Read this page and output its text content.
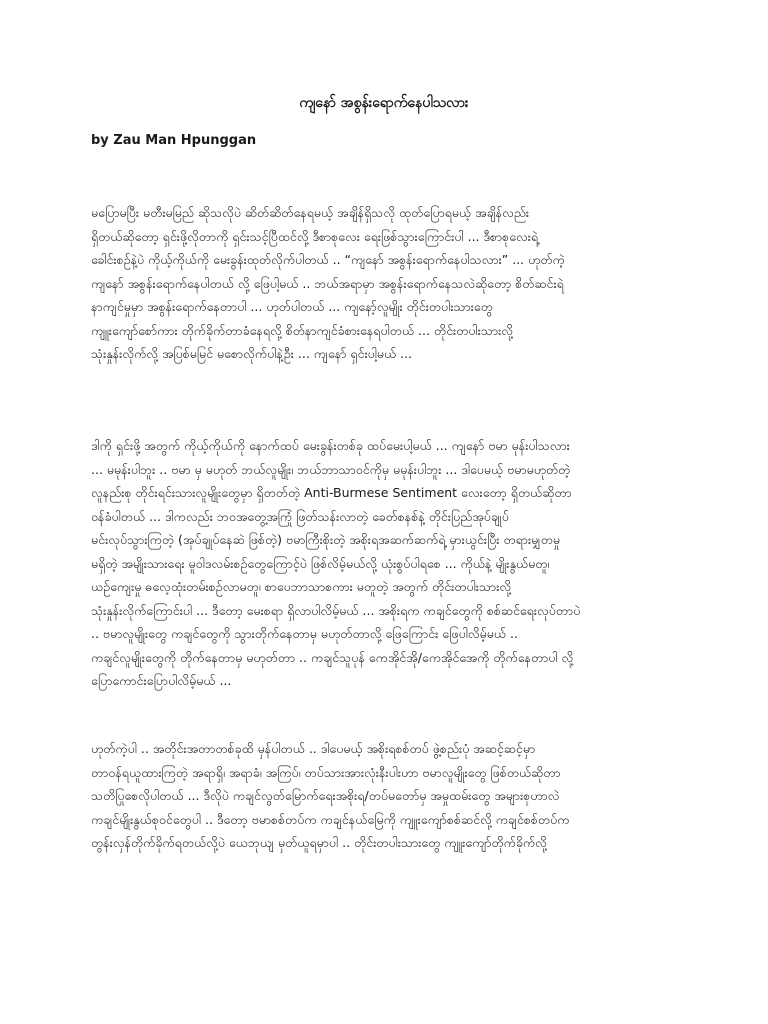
ကျနော် အစွန်းရောက်နေပါသလား
by Zau Man Hpunggan
မပြောမပြီး မတီးမမြည် ဆိုသလိုပဲ ဆိတ်ဆိတ်နေရမယ့် အချိန်ရှိသလို ထုတ်ပြောရမယ့် အချိန်လည်း
ရှိတယ်ဆိုတော့ ရှင်းဖို့လိုတာကို ရှင်းသင့်ပြီထင်လို့ ဒီစာစုလေး ရေးဖြစ်သွားကြောင်းပါ ... ဒီစာစုလေးရဲ့
ခေါင်းစဉ်နဲ့ပဲ ကိုယ့်ကိုယ်ကို မေးခွန်းထုတ်လိုက်ပါတယ် .. “ကျနော် အစွန်းရောက်နေပါသလား” ... ဟုတ်ကဲ့
ကျနော် အစွန်းရောက်နေပါတယ် လို့ ဖြေပါ့မယ် .. ဘယ်အရာမှာ အစွန်းရောက်နေသလဲဆိုတော့ စိတ်ဆင်းရဲ
နာကျင်မှုမှာ အစွန်းရောက်နေတာပါ ... ဟုတ်ပါတယ် ... ကျနော့်လူမျိုး တိုင်းတပါးသားတွေ
ကျူးကျော်စော်ကား တိုက်ခိုက်တာခံနေရလို့ စိတ်နာကျင်ခံစားနေရပါတယ် ... တိုင်းတပါးသားလို့
သုံးနှုန်းလိုက်လို့ အပြစ်မမြင် မစောလိုက်ပါနဲ့ဦး ... ကျနော် ရှင်းပါ့မယ် ...
ဒါကို ရှင်းဖို့ အတွက် ကိုယ့်ကိုယ်ကို နောက်ထပ် မေးခွန်းတစ်ခု ထပ်မေးပါ့မယ် ... ကျနော် ဗမာ မုန်းပါသလား
... မမုန်းပါဘူး .. ဗမာ မှ မဟုတ် ဘယ်လူမျိုး၊ ဘယ်ဘာသာဝင်ကိုမှ မမုန်းပါဘူး ... ဒါပေမယ့် ဗမာမဟုတ်တဲ့
လူနည်းစု တိုင်းရင်းသားလူမျိုးတွေမှာ ရှိတတ်တဲ့ Anti-Burmese Sentiment လေးတော့ ရှိတယ်ဆိုတာ
ဝန်ခံပါတယ် ... ဒါကလည်း ဘဝအတွေ့အကြုံ ဖြတ်သန်းလာတဲ့ ခေတ်စနစ်နဲ့ တိုင်းပြည်အုပ်ချုပ်
မင်းလုပ်သွားကြတဲ့ (အုပ်ချုပ်နေဆဲ ဖြစ်တဲ့) ဗမာကြီးစိုးတဲ့ အစိုးရအဆက်ဆက်ရဲ့ မှားယွင်းပြီး တရားမျှတမှု
မရှိတဲ့ အမျိုးသားရေး မူဝါဒလမ်းစဉ်တွေကြောင့်ပဲ ဖြစ်လိမ့်မယ်လို့ ယုံးစွပ်ပါရစေ ... ကိုယ်နဲ့ မျိုးနွယ်မတူ၊
ယဉ်ကျေးမှု ဓလေ့ထုံးတမ်းစဉ်လာမတူ၊ စာပေဘာသာစကား မတူတဲ့ အတွက် တိုင်းတပါးသားလို့
သုံးနှုန်းလိုက်ကြောင်းပါ ... ဒီတော့ မေးစရာ ရှိလာပါလိမ့်မယ် ... အစိုးရက ကချင်တွေကို စစ်ဆင်ရေးလုပ်တာပဲ
.. ဗမာလူမျိုးတွေ ကချင်တွေကို သွားတိုက်နေတာမှ မဟုတ်တာလို့ ဖြေကြောင်း ဖြေပါလိမ့်မယ် ..
ကချင်လူမျိုးတွေကို တိုက်နေတာမှ မဟုတ်တာ .. ကချင်သူပုန် ကေအိုင်အို/ကေအိုင်အေကို တိုက်နေတာပါ လို့
ပြောကောင်းပြောပါလိမ့်မယ် ...
ဟုတ်ကဲ့ပါ .. အတိုင်းအတာတစ်ခုထိ မှန်ပါတယ် .. ဒါပေမယ့် အစိုးရစစ်တပ် ဖွဲ့စည်းပုံ အဆင့်ဆင့်မှာ
တာဝန်ရယူထားကြတဲ့ အရာရှိ၊ အရာခံ၊ အကြပ်၊ တပ်သားအားလုံးနီးပါးဟာ ဗမာလူမျိုးတွေ ဖြစ်တယ်ဆိုတာ
သတိပြုစေလိုပါတယ် ... ဒီလိုပဲ ကချင်လွတ်မြောက်ရေးအစိုးရ/တပ်မတော်မှ အမှုထမ်းတွေ အများစုဟာလဲ
ကချင်မျိုးနွယ်စုဝင်တွေပါ .. ဒီတော့ ဗမာစစ်တပ်က ကချင်နယ်မြေကို ကျူးကျော်စစ်ဆင်လို့ ကချင်စစ်တပ်က
တွန်းလှန်တိုက်ခိုက်ရတယ်လို့ပဲ ယေဘုယျ မှတ်ယူရမှာပါ .. တိုင်းတပါးသားတွေ ကျူးကျော်တိုက်ခိုက်လို့
